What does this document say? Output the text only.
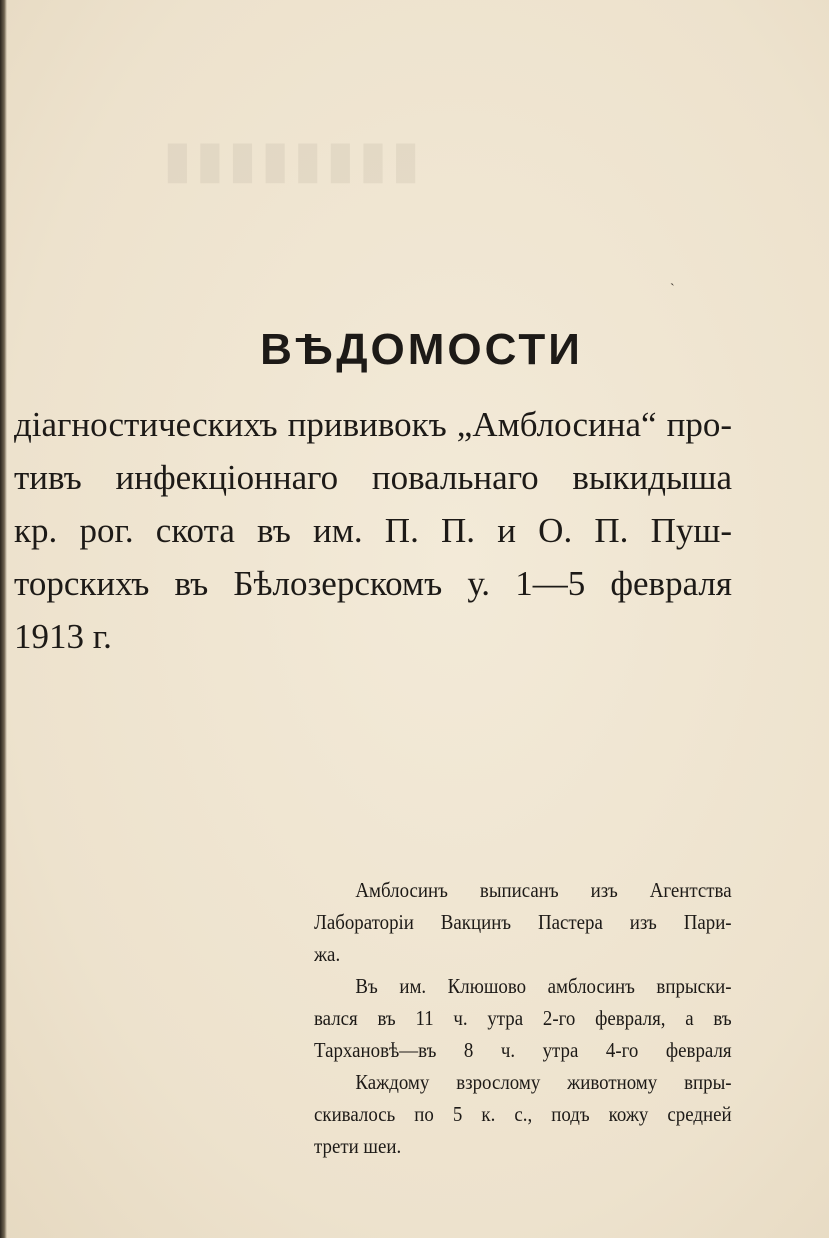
▮▮▮▮▮▮▮▮
ˋ
ВѢДОМОСТИ

діагностическихъ прививокъ „Амблосина“ про-
тивъ инфекціоннаго повальнаго выкидыша
кр. рог. скота въ им. П. П. и О. П. Пуш-
торскихъ въ Бѣлозерскомъ у. 1—5 февраля
1913 г.

Амблосинъ выписанъ изъ Агентства
Лабораторіи Вакцинъ Пастера изъ Пари-
жа.
Въ им. Клюшово амблосинъ впрыски-
вался въ 11 ч. утра 2-го февраля, а въ
Тархановѣ—въ 8 ч. утра 4-го февраля
Каждому взрослому животному впры-
скивалось по 5 к. с., подъ кожу средней
трети шеи.
